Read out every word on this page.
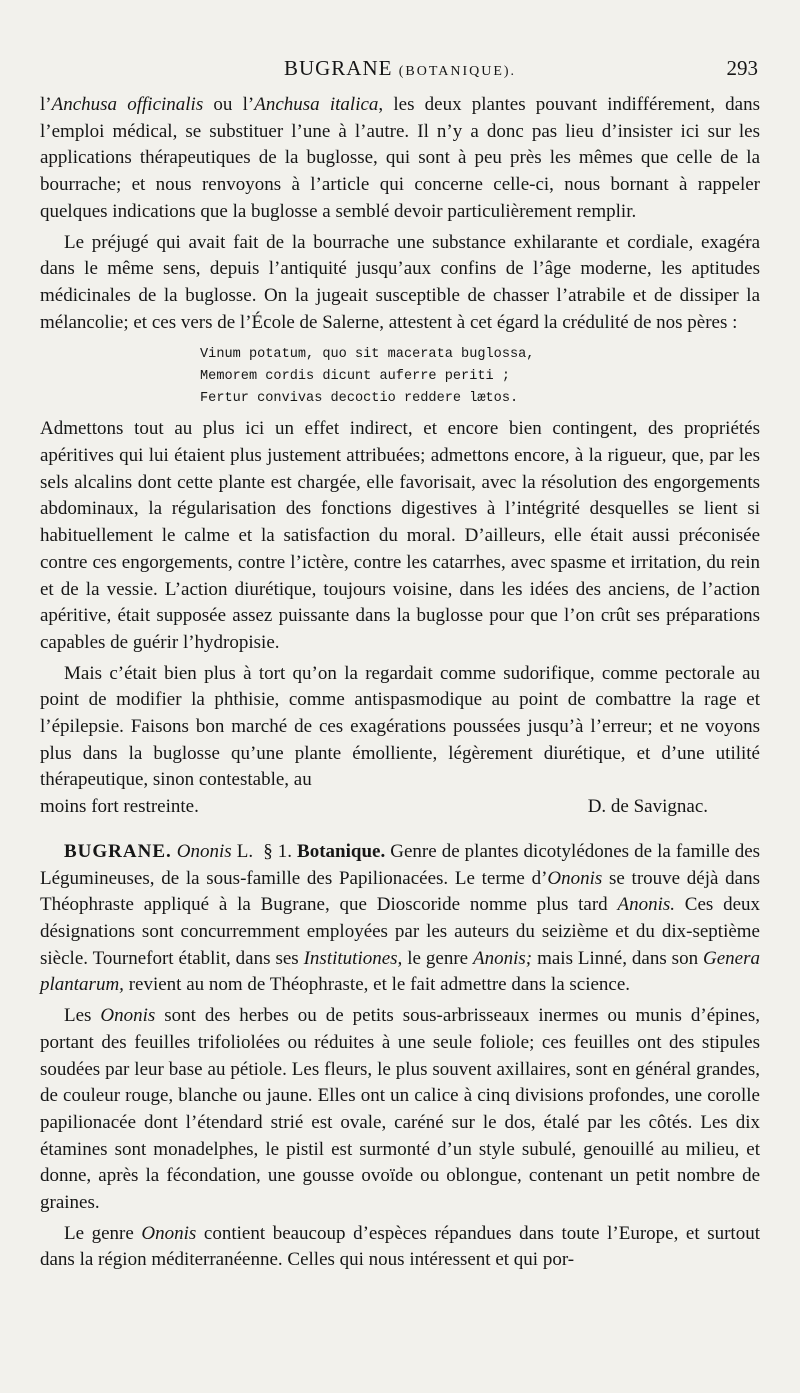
BUGRANE (BOTANIQUE).	293

l’Anchusa officinalis ou l’Anchusa italica, les deux plantes pouvant indifférement, dans l’emploi médical, se substituer l’une à l’autre. Il n’y a donc pas lieu d’insister ici sur les applications thérapeutiques de la buglosse, qui sont à peu près les mêmes que celle de la bourrache; et nous renvoyons à l’article qui concerne celle-ci, nous bornant à rappeler quelques indications que la buglosse a semblé devoir particulièrement remplir.

Le préjugé qui avait fait de la bourrache une substance exhilarante et cordiale, exagéra dans le même sens, depuis l’antiquité jusqu’aux confins de l’âge moderne, les aptitudes médicinales de la buglosse. On la jugeait susceptible de chasser l’atrabile et de dissiper la mélancolie; et ces vers de l’École de Salerne, attestent à cet égard la crédulité de nos pères :

Vinum potatum, quo sit macerata buglossa,
Memorem cordis dicunt auferre periti ;
Fertur convivas decoctio reddere lætos.

Admettons tout au plus ici un effet indirect, et encore bien contingent, des propriétés apéritives qui lui étaient plus justement attribuées; admettons encore, à la rigueur, que, par les sels alcalins dont cette plante est chargée, elle favorisait, avec la résolution des engorgements abdominaux, la régularisation des fonctions digestives à l’intégrité desquelles se lient si habituellement le calme et la satisfaction du moral. D’ailleurs, elle était aussi préconisée contre ces engorgements, contre l’ictère, contre les catarrhes, avec spasme et irritation, du rein et de la vessie. L’action diurétique, toujours voisine, dans les idées des anciens, de l’action apéritive, était supposée assez puissante dans la buglosse pour que l’on crût ses préparations capables de guérir l’hydropisie.

Mais c’était bien plus à tort qu’on la regardait comme sudorifique, comme pectorale au point de modifier la phthisie, comme antispasmodique au point de combattre la rage et l’épilepsie. Faisons bon marché de ces exagérations poussées jusqu’à l’erreur; et ne voyons plus dans la buglosse qu’une plante émolliente, légèrement diurétique, et d’une utilité thérapeutique, sinon contestable, au

moins fort restreinte.	D. de Savignac.

BUGRANE. Ononis L. § 1. Botanique. Genre de plantes dicotylédones de la famille des Légumineuses, de la sous-famille des Papilionacées. Le terme d’Ononis se trouve déjà dans Théophraste appliqué à la Bugrane, que Dioscoride nomme plus tard Anonis. Ces deux désignations sont concurremment employées par les auteurs du seizième et du dix-septième siècle. Tournefort établit, dans ses Institutiones, le genre Anonis; mais Linné, dans son Genera plantarum, revient au nom de Théophraste, et le fait admettre dans la science.

Les Ononis sont des herbes ou de petits sous-arbrisseaux inermes ou munis d’épines, portant des feuilles trifoliolées ou réduites à une seule foliole; ces feuilles ont des stipules soudées par leur base au pétiole. Les fleurs, le plus souvent axillaires, sont en général grandes, de couleur rouge, blanche ou jaune. Elles ont un calice à cinq divisions profondes, une corolle papilionacée dont l’étendard strié est ovale, caréné sur le dos, étalé par les côtés. Les dix étamines sont monadelphes, le pistil est surmonté d’un style subulé, genouillé au milieu, et donne, après la fécondation, une gousse ovoïde ou oblongue, contenant un petit nombre de graines.

Le genre Ononis contient beaucoup d’espèces répandues dans toute l’Europe, et surtout dans la région méditerranéenne. Celles qui nous intéressent et qui por-
